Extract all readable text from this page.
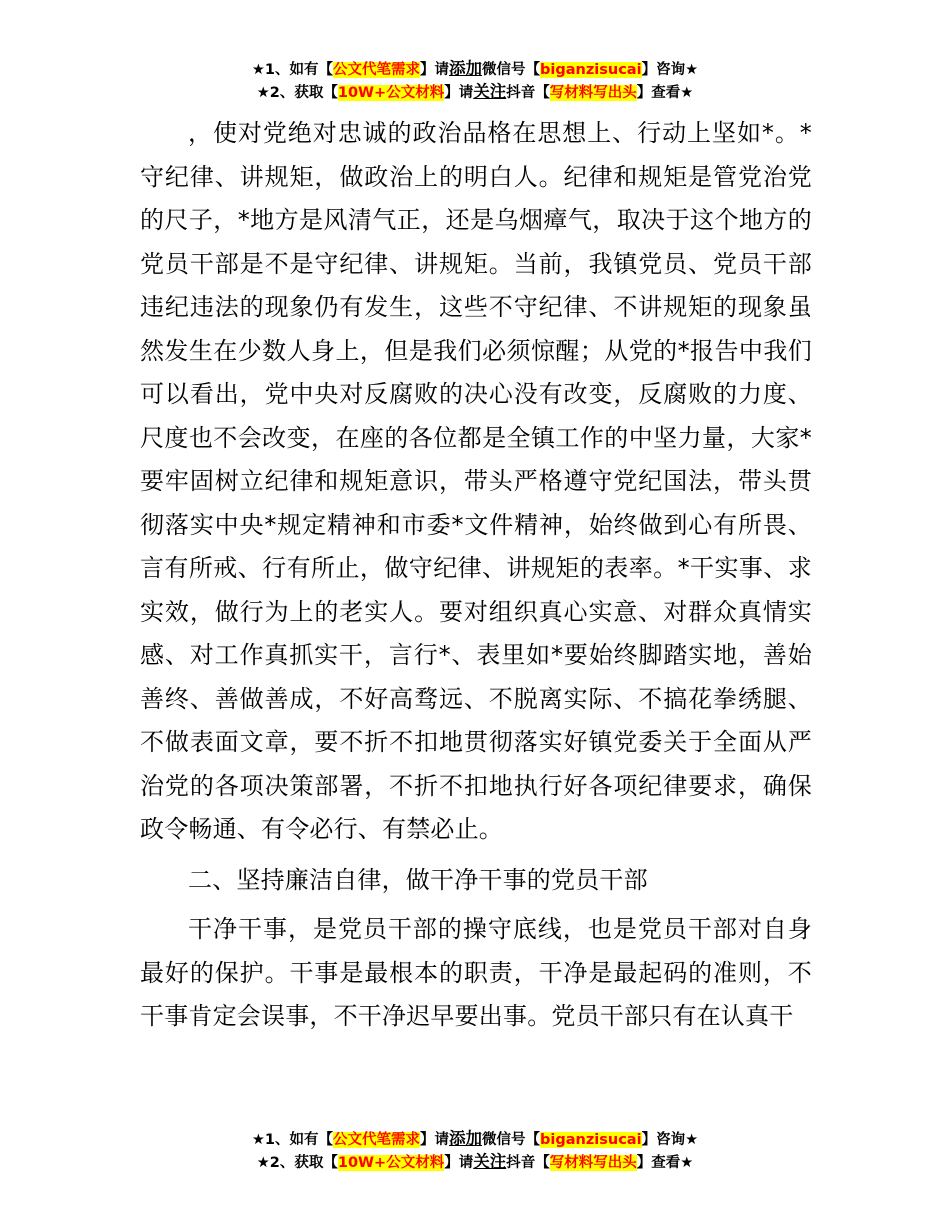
★1、如有【公文代笔需求】请添加微信号【biganzisucai】咨询★
★2、获取【10W+公文材料】请关注抖音【写材料写出头】查看★

，使对党绝对忠诚的政治品格在思想上、行动上坚如*。*守纪律、讲规矩，做政治上的明白人。纪律和规矩是管党治党的尺子，*地方是风清气正，还是乌烟瘴气，取决于这个地方的党员干部是不是守纪律、讲规矩。当前，我镇党员、党员干部违纪违法的现象仍有发生，这些不守纪律、不讲规矩的现象虽然发生在少数人身上，但是我们必须惊醒；从党的*报告中我们可以看出，党中央对反腐败的决心没有改变，反腐败的力度、尺度也不会改变，在座的各位都是全镇工作的中坚力量，大家*要牢固树立纪律和规矩意识，带头严格遵守党纪国法，带头贯彻落实中央*规定精神和市委*文件精神，始终做到心有所畏、言有所戒、行有所止，做守纪律、讲规矩的表率。*干实事、求实效，做行为上的老实人。要对组织真心实意、对群众真情实感、对工作真抓实干，言行*、表里如*要始终脚踏实地，善始善终、善做善成，不好高骛远、不脱离实际、不搞花拳绣腿、不做表面文章，要不折不扣地贯彻落实好镇党委关于全面从严治党的各项决策部署，不折不扣地执行好各项纪律要求，确保政令畅通、有令必行、有禁必止。

二、坚持廉洁自律，做干净干事的党员干部

干净干事，是党员干部的操守底线，也是党员干部对自身最好的保护。干事是最根本的职责，干净是最起码的准则，不干事肯定会误事，不干净迟早要出事。党员干部只有在认真干

★1、如有【公文代笔需求】请添加微信号【biganzisucai】咨询★
★2、获取【10W+公文材料】请关注抖音【写材料写出头】查看★
